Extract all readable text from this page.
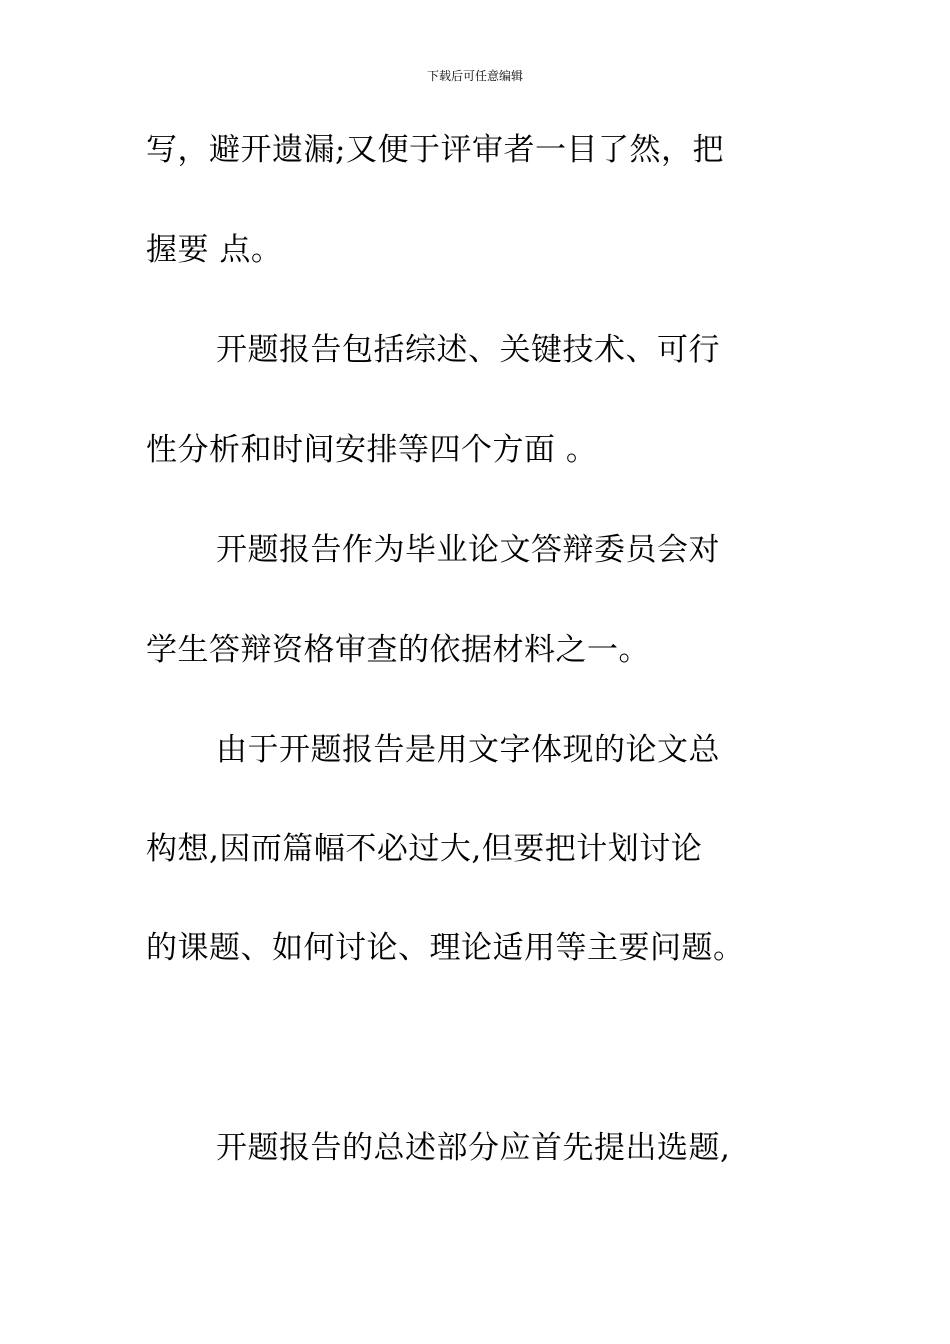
下载后可任意编辑
写，避开遗漏;又便于评审者一目了然，把
握要 点。
开题报告包括综述、关键技术、可行
性分析和时间安排等四个方面 。
开题报告作为毕业论文答辩委员会对
学生答辩资格审查的依据材料之一。
由于开题报告是用文字体现的论文总
构想,因而篇幅不必过大,但要把计划讨论
的课题、如何讨论、理论适用等主要问题。
开题报告的总述部分应首先提出选题,
